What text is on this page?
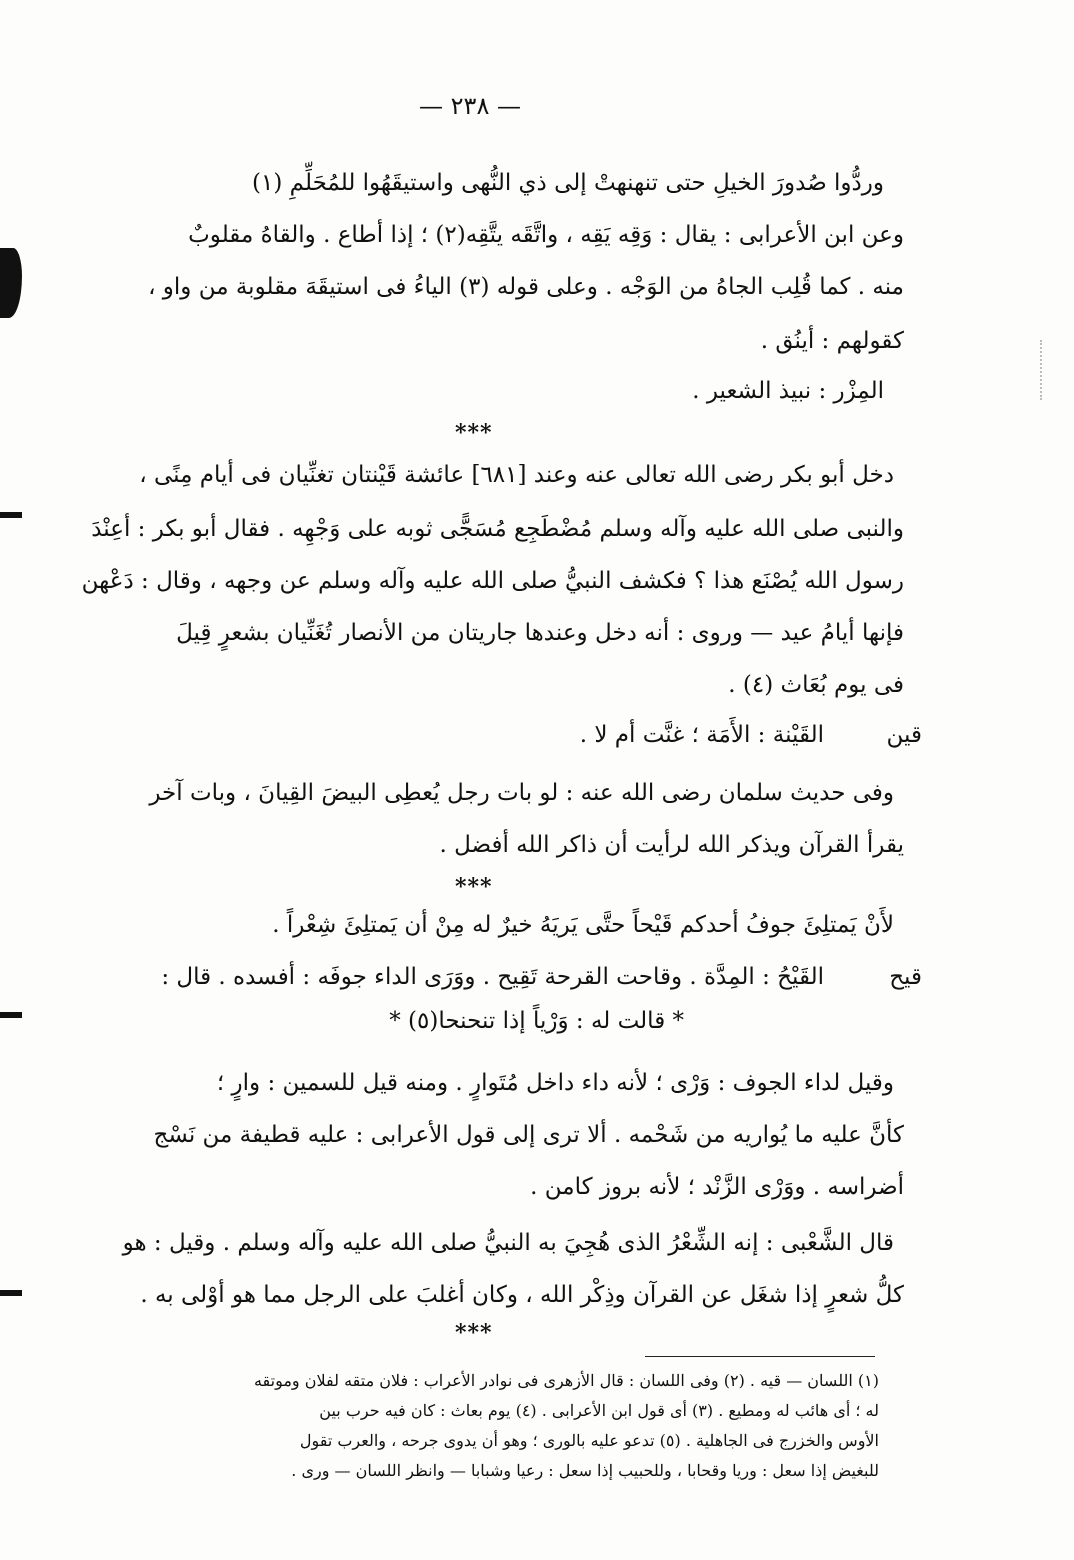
— ٢٣٨ —
وردُّوا صُدورَ الخيلِ حتى تنهنهتْ إلى ذي النُّهى واستيقَهُوا للمُحَلِّمِ (١)
وعن ابن الأعرابى : يقال : وَقِه يَقِه ، واتَّقَه يتَّقِه(٢) ؛ إذا أطاع . والقاهُ مقلوبٌ
منه . كما قُلِب الجاهُ من الوَجْه . وعلى قوله (٣) الياءُ فى استيقَهَ مقلوبة من واو ،
كقولهم : أينُق .
المِزْر : نبيذ الشعير .
***
دخل أبو بكر رضى الله تعالى عنه وعند [٦٨١] عائشة قَيْنتان تغنِّيان فى أيام مِنًى ،
والنبى صلى الله عليه وآله وسلم مُضْطَجِع مُسَجًّى ثوبه على وَجْهِه . فقال أبو بكر : أعِنْدَ
رسول الله يُصْنَع هذا ؟ فكشف النبيُّ صلى الله عليه وآله وسلم عن وجهه ، وقال : دَعْهن
فإنها أيامُ عيد — وروى : أنه دخل وعندها جاريتان من الأنصار تُغَنِّيان بشعرٍ قِيلَ
فى يوم بُعَاث (٤) .
قين
القَيْنة : الأَمَة ؛ غنَّت أم لا .
وفى حديث سلمان رضى الله عنه : لو بات رجل يُعطِى البيضَ القِيانَ ، وبات آخر
يقرأ القرآن ويذكر الله لرأيت أن ذاكر الله أفضل .
***
لأَنْ يَمتلِئَ جوفُ أحدكم قَيْحاً حتَّى يَريَهُ خيرٌ له مِنْ أن يَمتلِئَ شِعْراً .
قيح
القَيْحُ : المِدَّة . وقاحت القرحة تَقِيح . ووَرَى الداء جوفَه : أفسده . قال :
* قالت له : وَرْياً إذا تنحنحا(٥) *
وقيل لداء الجوف : وَرْى ؛ لأنه داء داخل مُتَوارٍ . ومنه قيل للسمين : وارٍ ؛
كأنَّ عليه ما يُواريه من شَحْمه . ألا ترى إلى قول الأعرابى : عليه قطيفة من نَسْج
أضراسه . ووَرْى الزَّنْد ؛ لأنه بروز كامن .
قال الشَّعْبى : إنه الشِّعْرُ الذى هُجِيَ به النبيُّ صلى الله عليه وآله وسلم . وقيل : هو
كلُّ شعرٍ إذا شغَل عن القرآن وذِكْر الله ، وكان أغلبَ على الرجل مما هو أوْلى به .
***
(١) اللسان — قيه . (٢) وفى اللسان : قال الأزهرى فى نوادر الأعراب : فلان متقه لفلان وموتقه
له ؛ أى هائب له ومطيع . (٣) أى قول ابن الأعرابى . (٤) يوم بعاث : كان فيه حرب بين
الأوس والخزرج فى الجاهلية . (٥) تدعو عليه بالورى ؛ وهو أن يدوى جرحه ، والعرب تقول
للبغيض إذا سعل : وريا وقحابا ، وللحبيب إذا سعل : رعيا وشبابا — وانظر اللسان — ورى .
